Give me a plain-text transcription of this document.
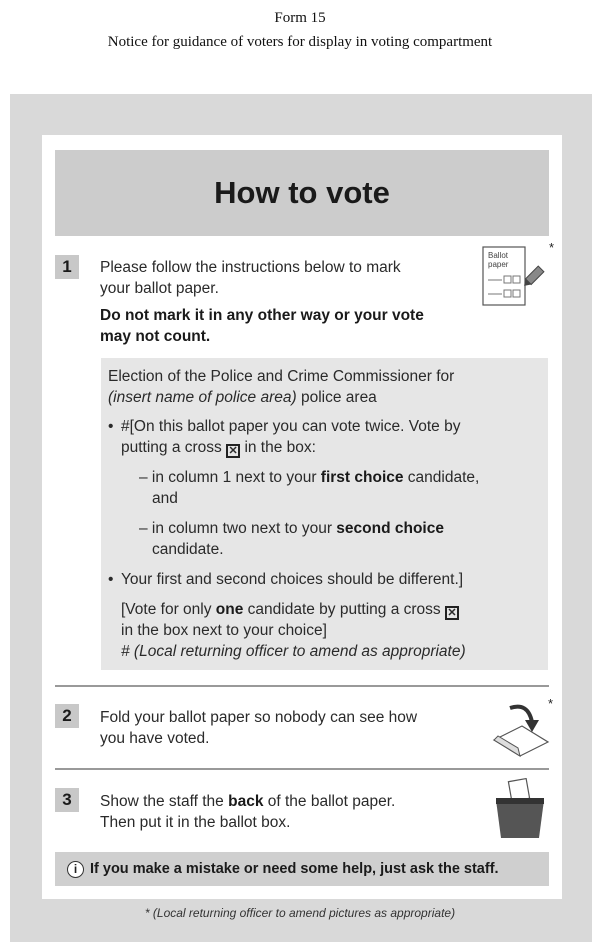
Form 15
Notice for guidance of voters for display in voting compartment
How to vote
1	Please follow the instructions below to mark
your ballot paper.
Do not mark it in any other way or your vote
may not count.
Ballot
paper
*
Election of the Police and Crime Commissioner for
(insert name of police area) police area
• #[On this ballot paper you can vote twice. Vote by
putting a cross ✕ in the box:
– in column 1 next to your first choice candidate,
and
– in column two next to your second choice
candidate.
• Your first and second choices should be different.]
[Vote for only one candidate by putting a cross ✕
in the box next to your choice]
# (Local returning officer to amend as appropriate)
2	Fold your ballot paper so nobody can see how
you have voted.
*
3	Show the staff the back of the ballot paper.
Then put it in the ballot box.
i If you make a mistake or need some help, just ask the staff.
* (Local returning officer to amend pictures as appropriate)
